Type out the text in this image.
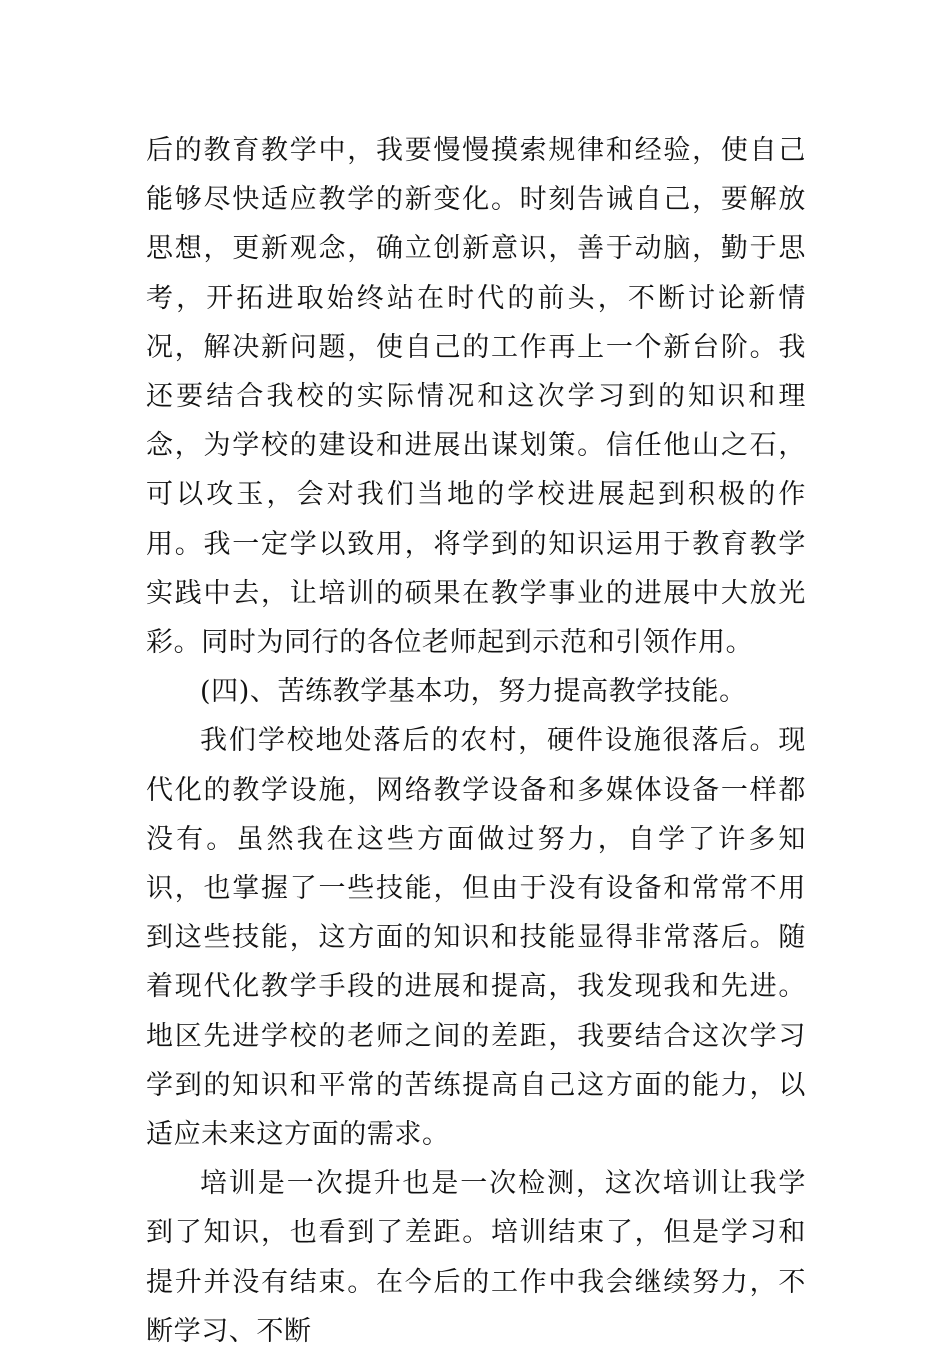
后的教育教学中，我要慢慢摸索规律和经验，使自己能够尽快适应教学的新变化。时刻告诫自己，要解放思想，更新观念，确立创新意识，善于动脑，勤于思考，开拓进取始终站在时代的前头，不断讨论新情况，解决新问题，使自己的工作再上一个新台阶。我还要结合我校的实际情况和这次学习到的知识和理念，为学校的建设和进展出谋划策。信任他山之石，可以攻玉，会对我们当地的学校进展起到积极的作用。我一定学以致用，将学到的知识运用于教育教学实践中去，让培训的硕果在教学事业的进展中大放光彩。同时为同行的各位老师起到示范和引领作用。

(四)、苦练教学基本功，努力提高教学技能。

我们学校地处落后的农村，硬件设施很落后。现代化的教学设施，网络教学设备和多媒体设备一样都没有。虽然我在这些方面做过努力，自学了许多知识，也掌握了一些技能，但由于没有设备和常常不用到这些技能，这方面的知识和技能显得非常落后。随着现代化教学手段的进展和提高，我发现我和先进。地区先进学校的老师之间的差距，我要结合这次学习学到的知识和平常的苦练提高自己这方面的能力，以适应未来这方面的需求。

培训是一次提升也是一次检测，这次培训让我学到了知识，也看到了差距。培训结束了，但是学习和提升并没有结束。在今后的工作中我会继续努力，不断学习、不断
